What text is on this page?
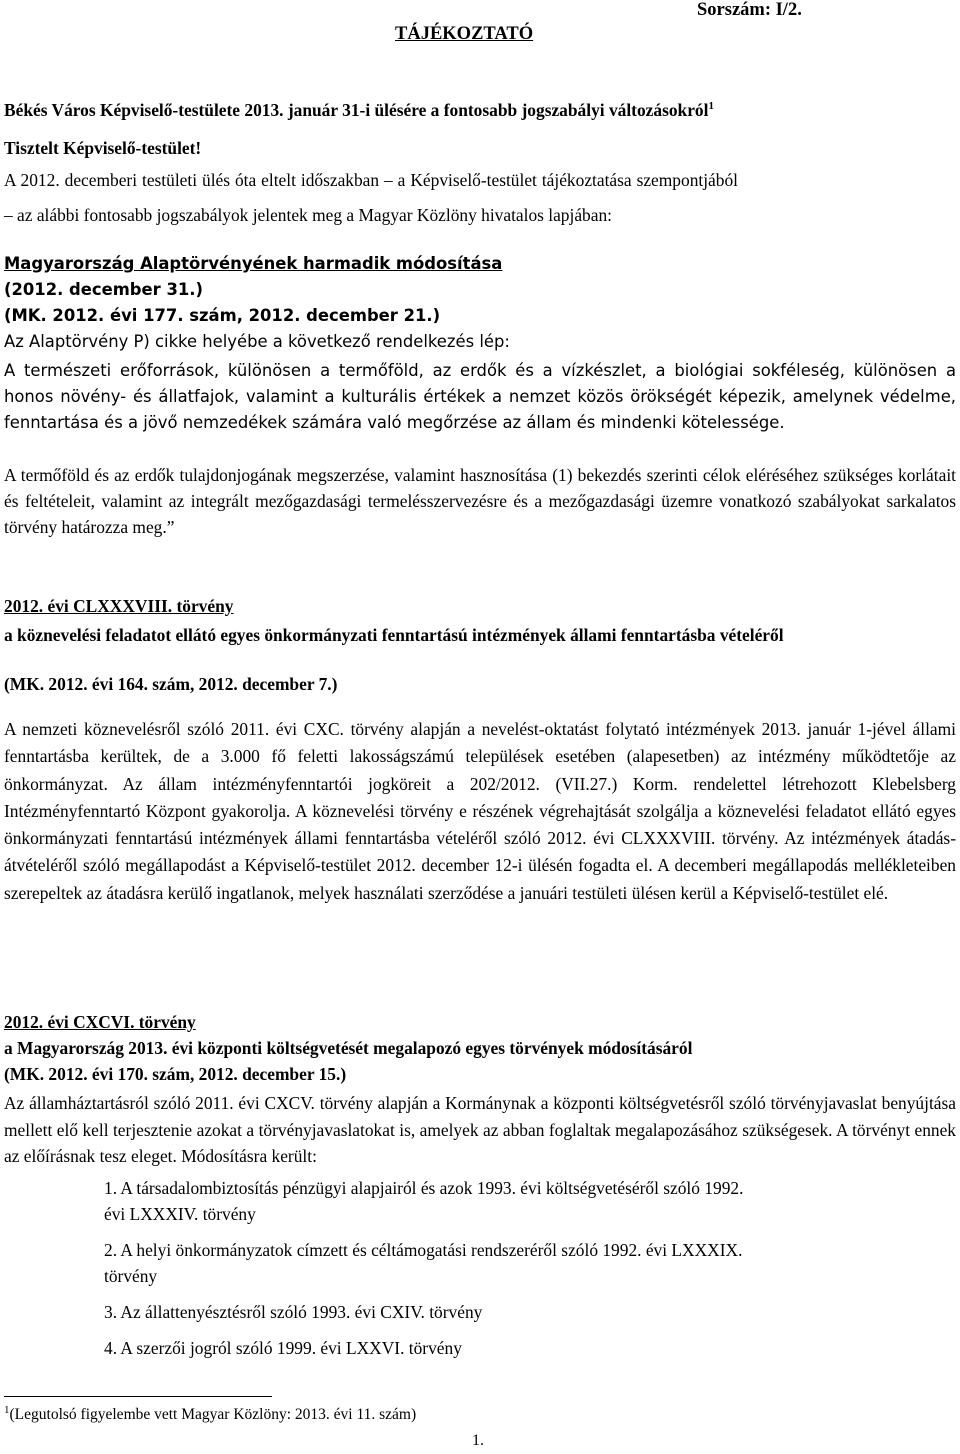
TÁJÉKOZTATÓ
Sorszám: I/2.
Békés Város Képviselő-testülete 2013. január 31-i ülésére a fontosabb jogszabályi változásokról$^1$
Tisztelt Képviselő-testület!
A 2012. decemberi testületi ülés óta eltelt időszakban – a Képviselő-testület tájékoztatása szempontjából
– az alábbi fontosabb jogszabályok jelentek meg a Magyar Közlöny hivatalos lapjában:
Magyarország Alaptörvényének harmadik módosítása
(2012. december 31.)
(MK. 2012. évi 177. szám, 2012. december 21.)
Az Alaptörvény P) cikke helyébe a következő rendelkezés lép:
A természeti erőforrások, különösen a termőföld, az erdők és a vízkészlet, a biológiai sokféleség, különösen a honos növény- és állatfajok, valamint a kulturális értékek a nemzet közös örökségét képezik, amelynek védelme, fenntartása és a jövő nemzedékek számára való megőrzése az állam és mindenki kötelessége.
A termőföld és az erdők tulajdonjogának megszerzése, valamint hasznosítása (1) bekezdés szerinti célok eléréséhez szükséges korlátait és feltételeit, valamint az integrált mezőgazdasági termelésszervezésre és a mezőgazdasági üzemre vonatkozó szabályokat sarkalatos törvény határozza meg.”
2012. évi CLXXXVIII. törvény
a köznevelési feladatot ellátó egyes önkormányzati fenntartású intézmények állami fenntartásba vételéről
(MK. 2012. évi 164. szám, 2012. december 7.)
A nemzeti köznevelésről szóló 2011. évi CXC. törvény alapján a nevelést-oktatást folytató intézmények 2013. január 1-jével állami fenntartásba kerültek, de a 3.000 fő feletti lakosságszámú települések esetében (alapesetben) az intézmény működtetője az önkormányzat. Az állam intézményfenntartói jogköreit a 202/2012. (VII.27.) Korm. rendelettel létrehozott Klebelsberg Intézményfenntartó Központ gyakorolja. A köznevelési törvény e részének végrehajtását szolgálja a köznevelési feladatot ellátó egyes önkormányzati fenntartású intézmények állami fenntartásba vételéről szóló 2012. évi CLXXXVIII. törvény. Az intézmények átadás-átvételéről szóló megállapodást a Képviselő-testület 2012. december 12-i ülésén fogadta el. A decemberi megállapodás mellékleteiben szerepeltek az átadásra kerülő ingatlanok, melyek használati szerződése a januári testületi ülésen kerül a Képviselő-testület elé.
2012. évi CXCVI. törvény
a Magyarország 2013. évi központi költségvetését megalapozó egyes törvények módosításáról
(MK. 2012. évi 170. szám, 2012. december 15.)
Az államháztartásról szóló 2011. évi CXCV. törvény alapján a Kormánynak a központi költségvetésről szóló törvényjavaslat benyújtása mellett elő kell terjesztenie azokat a törvényjavaslatokat is, amelyek az abban foglaltak megalapozásához szükségesek. A törvényt ennek az előírásnak tesz eleget. Módosításra került:
1. A társadalombiztosítás pénzügyi alapjairól és azok 1993. évi költségvetéséről szóló 1992.
évi LXXXIV. törvény
2. A helyi önkormányzatok címzett és céltámogatási rendszeréről szóló 1992. évi LXXXIX.
törvény
3. Az állattenyésztésről szóló 1993. évi CXIV. törvény
4. A szerzői jogról szóló 1999. évi LXXVI. törvény
$^1$(Legutolsó figyelembe vett Magyar Közlöny: 2013. évi 11. szám)
1.
